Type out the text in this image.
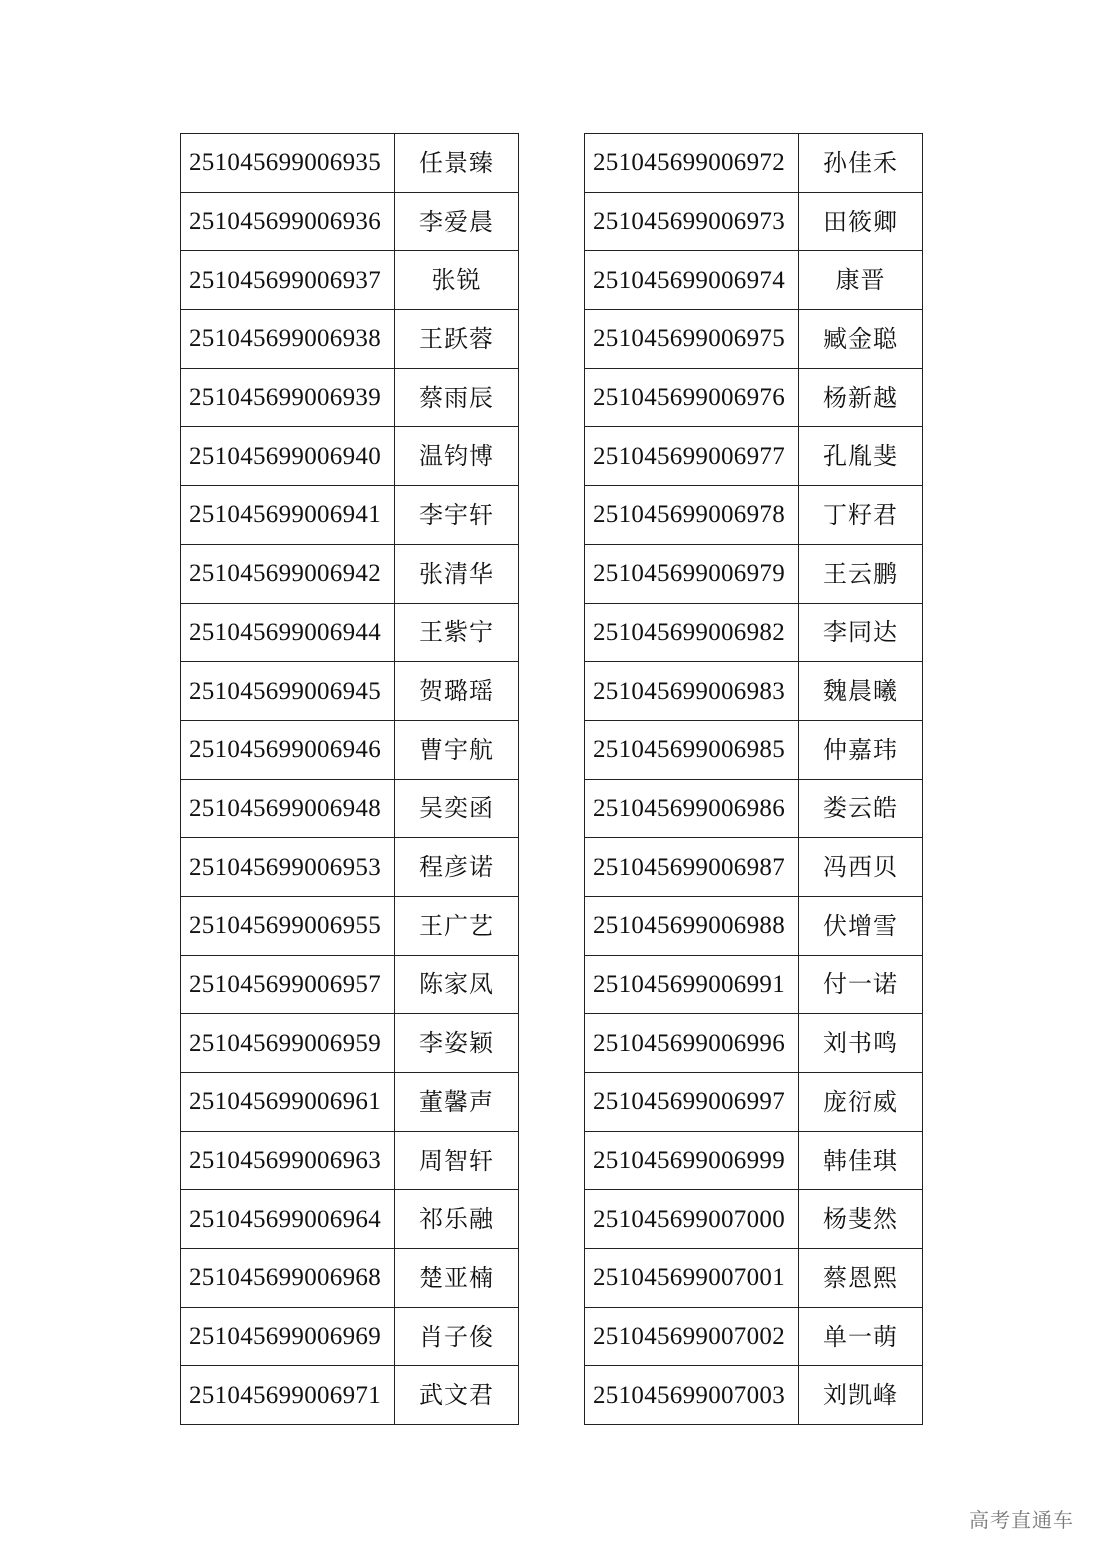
251045699006935	任景臻
251045699006936	李爱晨
251045699006937	张锐
251045699006938	王跃蓉
251045699006939	蔡雨辰
251045699006940	温钧博
251045699006941	李宇轩
251045699006942	张清华
251045699006944	王紫宁
251045699006945	贺璐瑶
251045699006946	曹宇航
251045699006948	吴奕函
251045699006953	程彦诺
251045699006955	王广艺
251045699006957	陈家凤
251045699006959	李姿颖
251045699006961	董馨声
251045699006963	周智轩
251045699006964	祁乐融
251045699006968	楚亚楠
251045699006969	肖子俊
251045699006971	武文君
251045699006972	孙佳禾
251045699006973	田筱卿
251045699006974	康晋
251045699006975	臧金聪
251045699006976	杨新越
251045699006977	孔胤斐
251045699006978	丁籽君
251045699006979	王云鹏
251045699006982	李同达
251045699006983	魏晨曦
251045699006985	仲嘉玮
251045699006986	娄云皓
251045699006987	冯西贝
251045699006988	伏增雪
251045699006991	付一诺
251045699006996	刘书鸣
251045699006997	庞衍威
251045699006999	韩佳琪
251045699007000	杨斐然
251045699007001	蔡恩熙
251045699007002	单一萌
251045699007003	刘凯峰
高考直通车
